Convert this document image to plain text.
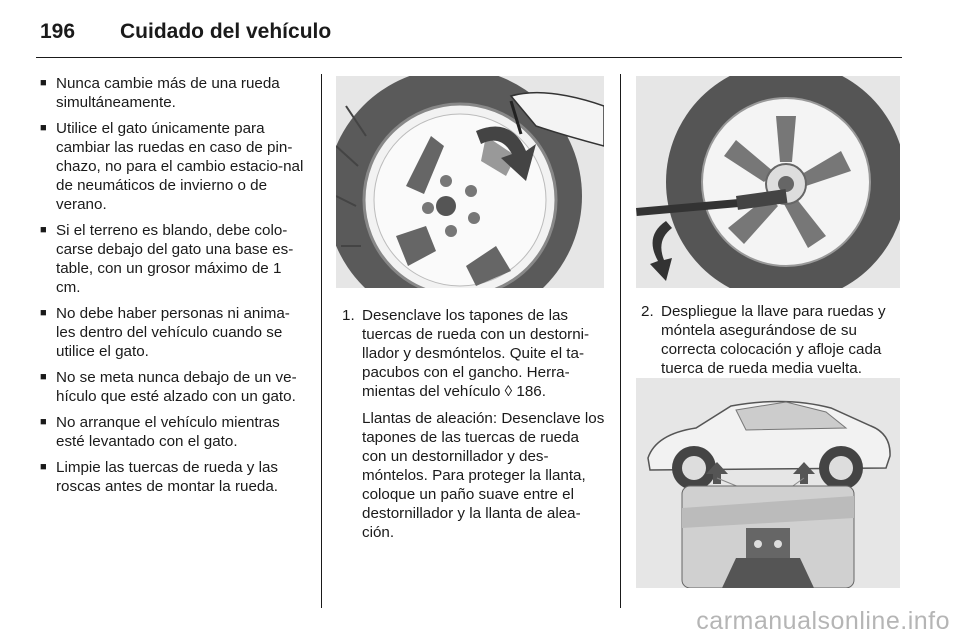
196 Cuidado del vehículo
■ Nunca cambie más de una rueda simultáneamente.
■ Utilice el gato únicamente para cambiar las ruedas en caso de pin-chazo, no para el cambio estacio-nal de neumáticos de invierno o de verano.
■ Si el terreno es blando, debe colo-carse debajo del gato una base es-table, con un grosor máximo de 1 cm.
■ No debe haber personas ni anima-les dentro del vehículo cuando se utilice el gato.
■ No se meta nunca debajo de un ve-hículo que esté alzado con un gato.
■ No arranque el vehículo mientras esté levantado con el gato.
■ Limpie las tuercas de rueda y las roscas antes de montar la rueda.
1. Desenclave los tapones de las tuercas de rueda con un destorni-llador y desmóntelos. Quite el ta-pacubos con el gancho. Herra-mientas del vehículo ◊ 186.
Llantas de aleación: Desenclave los tapones de las tuercas de rueda con un destornillador y des-móntelos. Para proteger la llanta, coloque un paño suave entre el destornillador y la llanta de alea-ción.
2. Despliegue la llave para ruedas y móntela asegurándose de su correcta colocación y afloje cada tuerca de rueda media vuelta.
carmanualsonline.info
